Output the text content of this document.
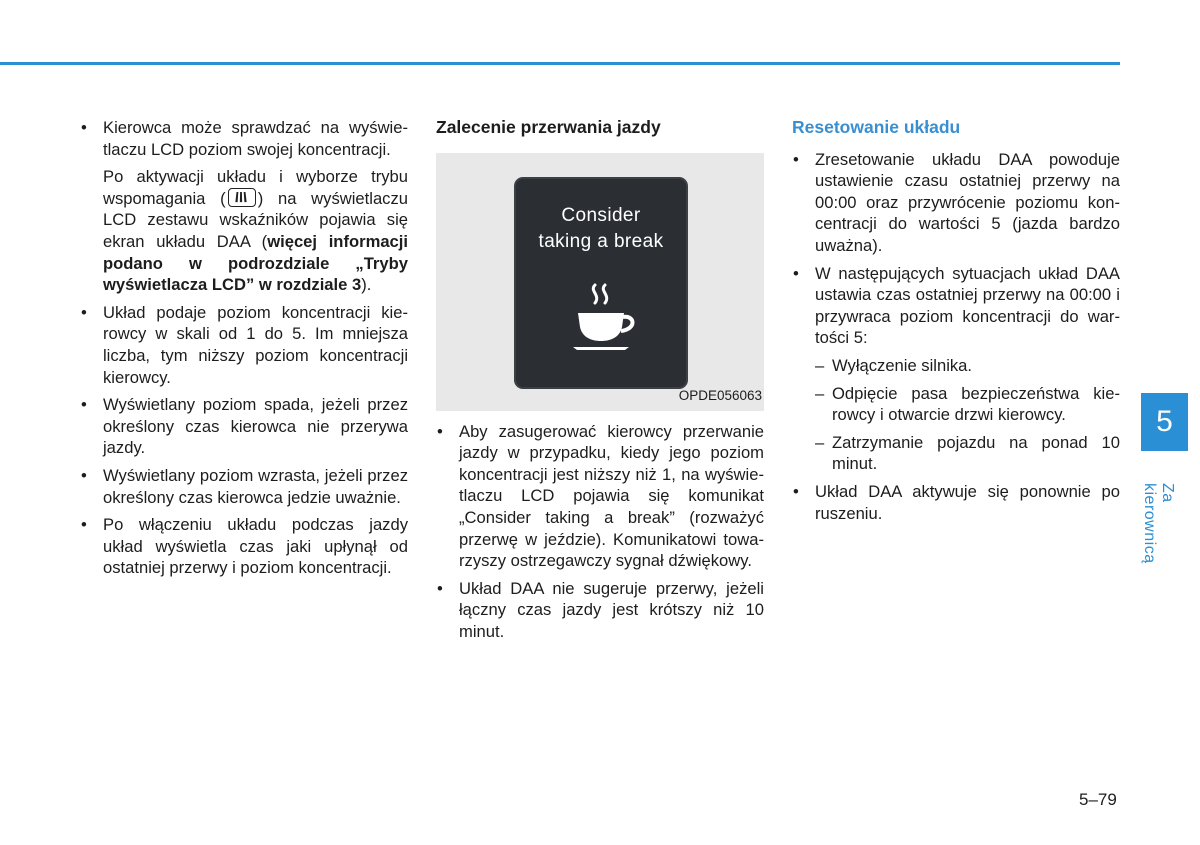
• Kierowca może sprawdzać na wyświetlaczu LCD poziom swojej koncentracji.

Po aktywacji układu i wyborze trybu wspomagania ( ) na wyświetlaczu LCD zestawu wskaźników pojawia się ekran układu DAA (więcej informacji podano w podrozdziale „Tryby wyświetlacza LCD” w rozdziale 3).

• Układ podaje poziom koncentracji kierowcy w skali od 1 do 5. Im mniejsza liczba, tym niższy poziom koncentracji kierowcy.

• Wyświetlany poziom spada, jeżeli przez określony czas kierowca nie przerywa jazdy.

• Wyświetlany poziom wzrasta, jeżeli przez określony czas kierowca jedzie uważnie.

• Po włączeniu układu podczas jazdy układ wyświetla czas jaki upłynął od ostatniej przerwy i poziom koncentracji.

Zalecenie przerwania jazdy

Consider
taking a break
OPDE056063

• Aby zasugerować kierowcy przerwanie jazdy w przypadku, kiedy jego poziom koncentracji jest niższy niż 1, na wyświetlaczu LCD pojawia się komunikat „Consider taking a break” (rozważyć przerwę w jeździe). Komunikatowi towarzyszy ostrzegawczy sygnał dźwiękowy.

• Układ DAA nie sugeruje przerwy, jeżeli łączny czas jazdy jest krótszy niż 10 minut.

Resetowanie układu

• Zresetowanie układu DAA powoduje ustawienie czasu ostatniej przerwy na 00:00 oraz przywrócenie poziomu koncentracji do wartości 5 (jazda bardzo uważna).

• W następujących sytuacjach układ DAA ustawia czas ostatniej przerwy na 00:00 i przywraca poziom koncentracji do wartości 5:

– Wyłączenie silnika.

– Odpięcie pasa bezpieczeństwa kierowcy i otwarcie drzwi kierowcy.

– Zatrzymanie pojazdu na ponad 10 minut.

• Układ DAA aktywuje się ponownie po ruszeniu.

5
Za kierownicą
5–79
